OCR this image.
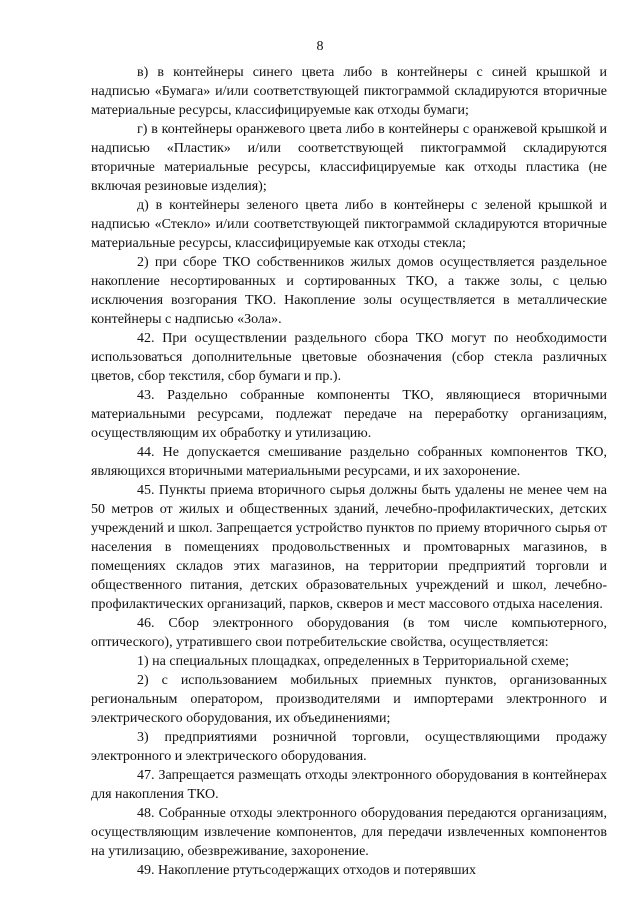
8

в) в контейнеры синего цвета либо в контейнеры с синей крышкой и надписью «Бумага» и/или соответствующей пиктограммой складируются вторичные материальные ресурсы, классифицируемые как отходы бумаги;

г) в контейнеры оранжевого цвета либо в контейнеры с оранжевой крышкой и надписью «Пластик» и/или соответствующей пиктограммой складируются вторичные материальные ресурсы, классифицируемые как отходы пластика (не включая резиновые изделия);

д) в контейнеры зеленого цвета либо в контейнеры с зеленой крышкой и надписью «Стекло» и/или соответствующей пиктограммой складируются вторичные материальные ресурсы, классифицируемые как отходы стекла;

2) при сборе ТКО собственников жилых домов осуществляется раздельное накопление несортированных и сортированных ТКО, а также золы, с целью исключения возгорания ТКО. Накопление золы осуществляется в металлические контейнеры с надписью «Зола».

42. При осуществлении раздельного сбора ТКО могут по необходимости использоваться дополнительные цветовые обозначения (сбор стекла различных цветов, сбор текстиля, сбор бумаги и пр.).

43. Раздельно собранные компоненты ТКО, являющиеся вторичными материальными ресурсами, подлежат передаче на переработку организациям, осуществляющим их обработку и утилизацию.

44. Не допускается смешивание раздельно собранных компонентов ТКО, являющихся вторичными материальными ресурсами, и их захоронение.

45. Пункты приема вторичного сырья должны быть удалены не менее чем на 50 метров от жилых и общественных зданий, лечебно-профилактических, детских учреждений и школ. Запрещается устройство пунктов по приему вторичного сырья от населения в помещениях продовольственных и промтоварных магазинов, в помещениях складов этих магазинов, на территории предприятий торговли и общественного питания, детских образовательных учреждений и школ, лечебно-профилактических организаций, парков, скверов и мест массового отдыха населения.

46. Сбор электронного оборудования (в том числе компьютерного, оптического), утратившего свои потребительские свойства, осуществляется:

1) на специальных площадках, определенных в Территориальной схеме;

2) с использованием мобильных приемных пунктов, организованных региональным оператором, производителями и импортерами электронного и электрического оборудования, их объединениями;

3) предприятиями розничной торговли, осуществляющими продажу электронного и электрического оборудования.

47. Запрещается размещать отходы электронного оборудования в контейнерах для накопления ТКО.

48. Собранные отходы электронного оборудования передаются организациям, осуществляющим извлечение компонентов, для передачи извлеченных компонентов на утилизацию, обезвреживание, захоронение.

49. Накопление ртутьсодержащих отходов и потерявших
